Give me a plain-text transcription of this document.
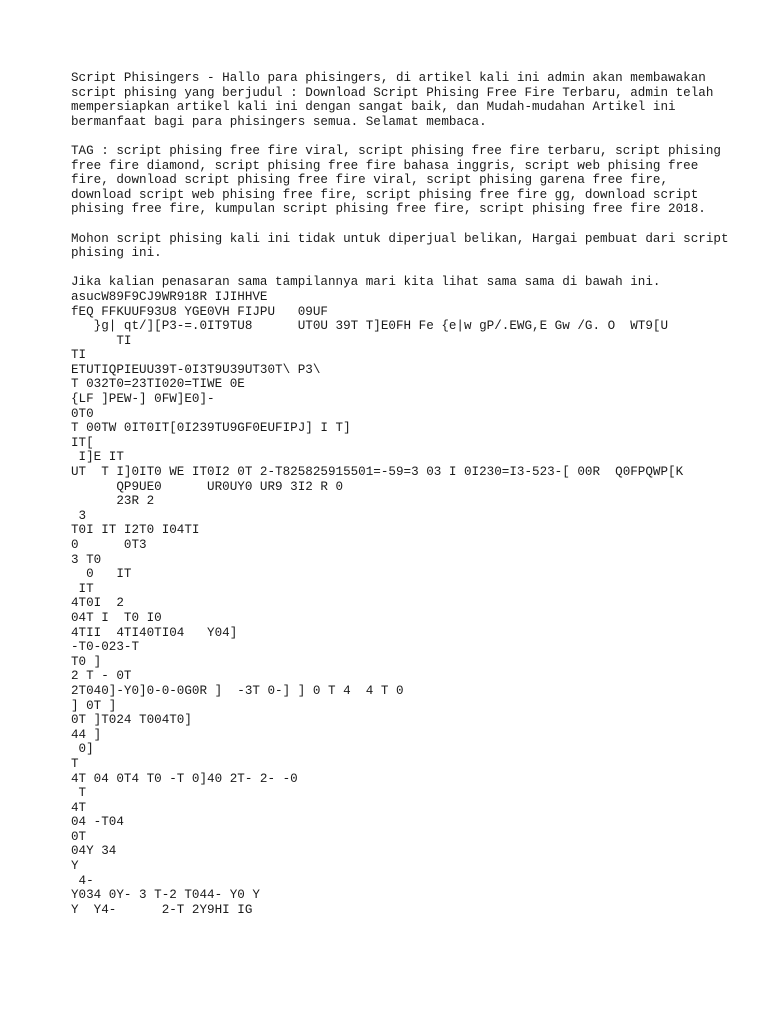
Script Phisingers - Hallo para phisingers, di artikel kali ini admin akan membawakan script phising yang berjudul : Download Script Phising Free Fire Terbaru, admin telah mempersiapkan artikel kali ini dengan sangat baik, dan Mudah-mudahan Artikel ini bermanfaat bagi para phisingers semua. Selamat membaca.

TAG : script phising free fire viral, script phising free fire terbaru, script phising free fire diamond, script phising free fire bahasa inggris, script web phising free fire, download script phising free fire viral, script phising garena free fire, download script web phising free fire, script phising free fire gg, download script phising free fire, kumpulan script phising free fire, script phising free fire 2018.

Mohon script phising kali ini tidak untuk diperjual belikan, Hargai pembuat dari script phising ini.

Jika kalian penasaran sama tampilannya mari kita lihat sama sama di bawah ini.

asucW89F9CJ9WR918R IJIHHVE
fEQ FFKUUF93U8 YGE0VH FIJPU   09UF
}g| qt/][P3-=.0IT9TU8      UT0U 39T T]E0FH Fe {e|w gP/.EWG,E Gw /G. O  WT9[U
TI
TI
ETUTIQPIEUU39T-0I3T9U39UT30T\ P3\
T 032T0=23TI020=TIWE 0E
{LF ]PEW-] 0FW]E0]-
0T0
T 00TW 0IT0IT[0I239TU9GF0EUFIPJ] I T]
IT[
I]E IT
UT  T I]0IT0 WE IT0I2 0T 2-T825825915501=-59=3 03 I 0I230=I3-523-[ 00R  Q0FPQWP[K
QP9UE0      UR0UY0 UR9 3I2 R 0
23R 2
3
T0I IT I2T0 I04TI
0      0T3
3 T0
0   IT
IT
4T0I  2
04T I  T0 I0
4TII  4TI40TI04   Y04]
-T0-023-T
T0 ]
2 T - 0T
2T040]-Y0]0-0-0G0R ]  -3T 0-] ] 0 T 4  4 T 0
] 0T ]
0T ]T024 T004T0]
44 ]
0]
T
4T 04 0T4 T0 -T 0]40 2T- 2- -0
T
4T
04 -T04
0T
04Y 34
Y
4-
Y034 0Y- 3 T-2 T044- Y0 Y
Y  Y4-      2-T 2Y9HI IG
